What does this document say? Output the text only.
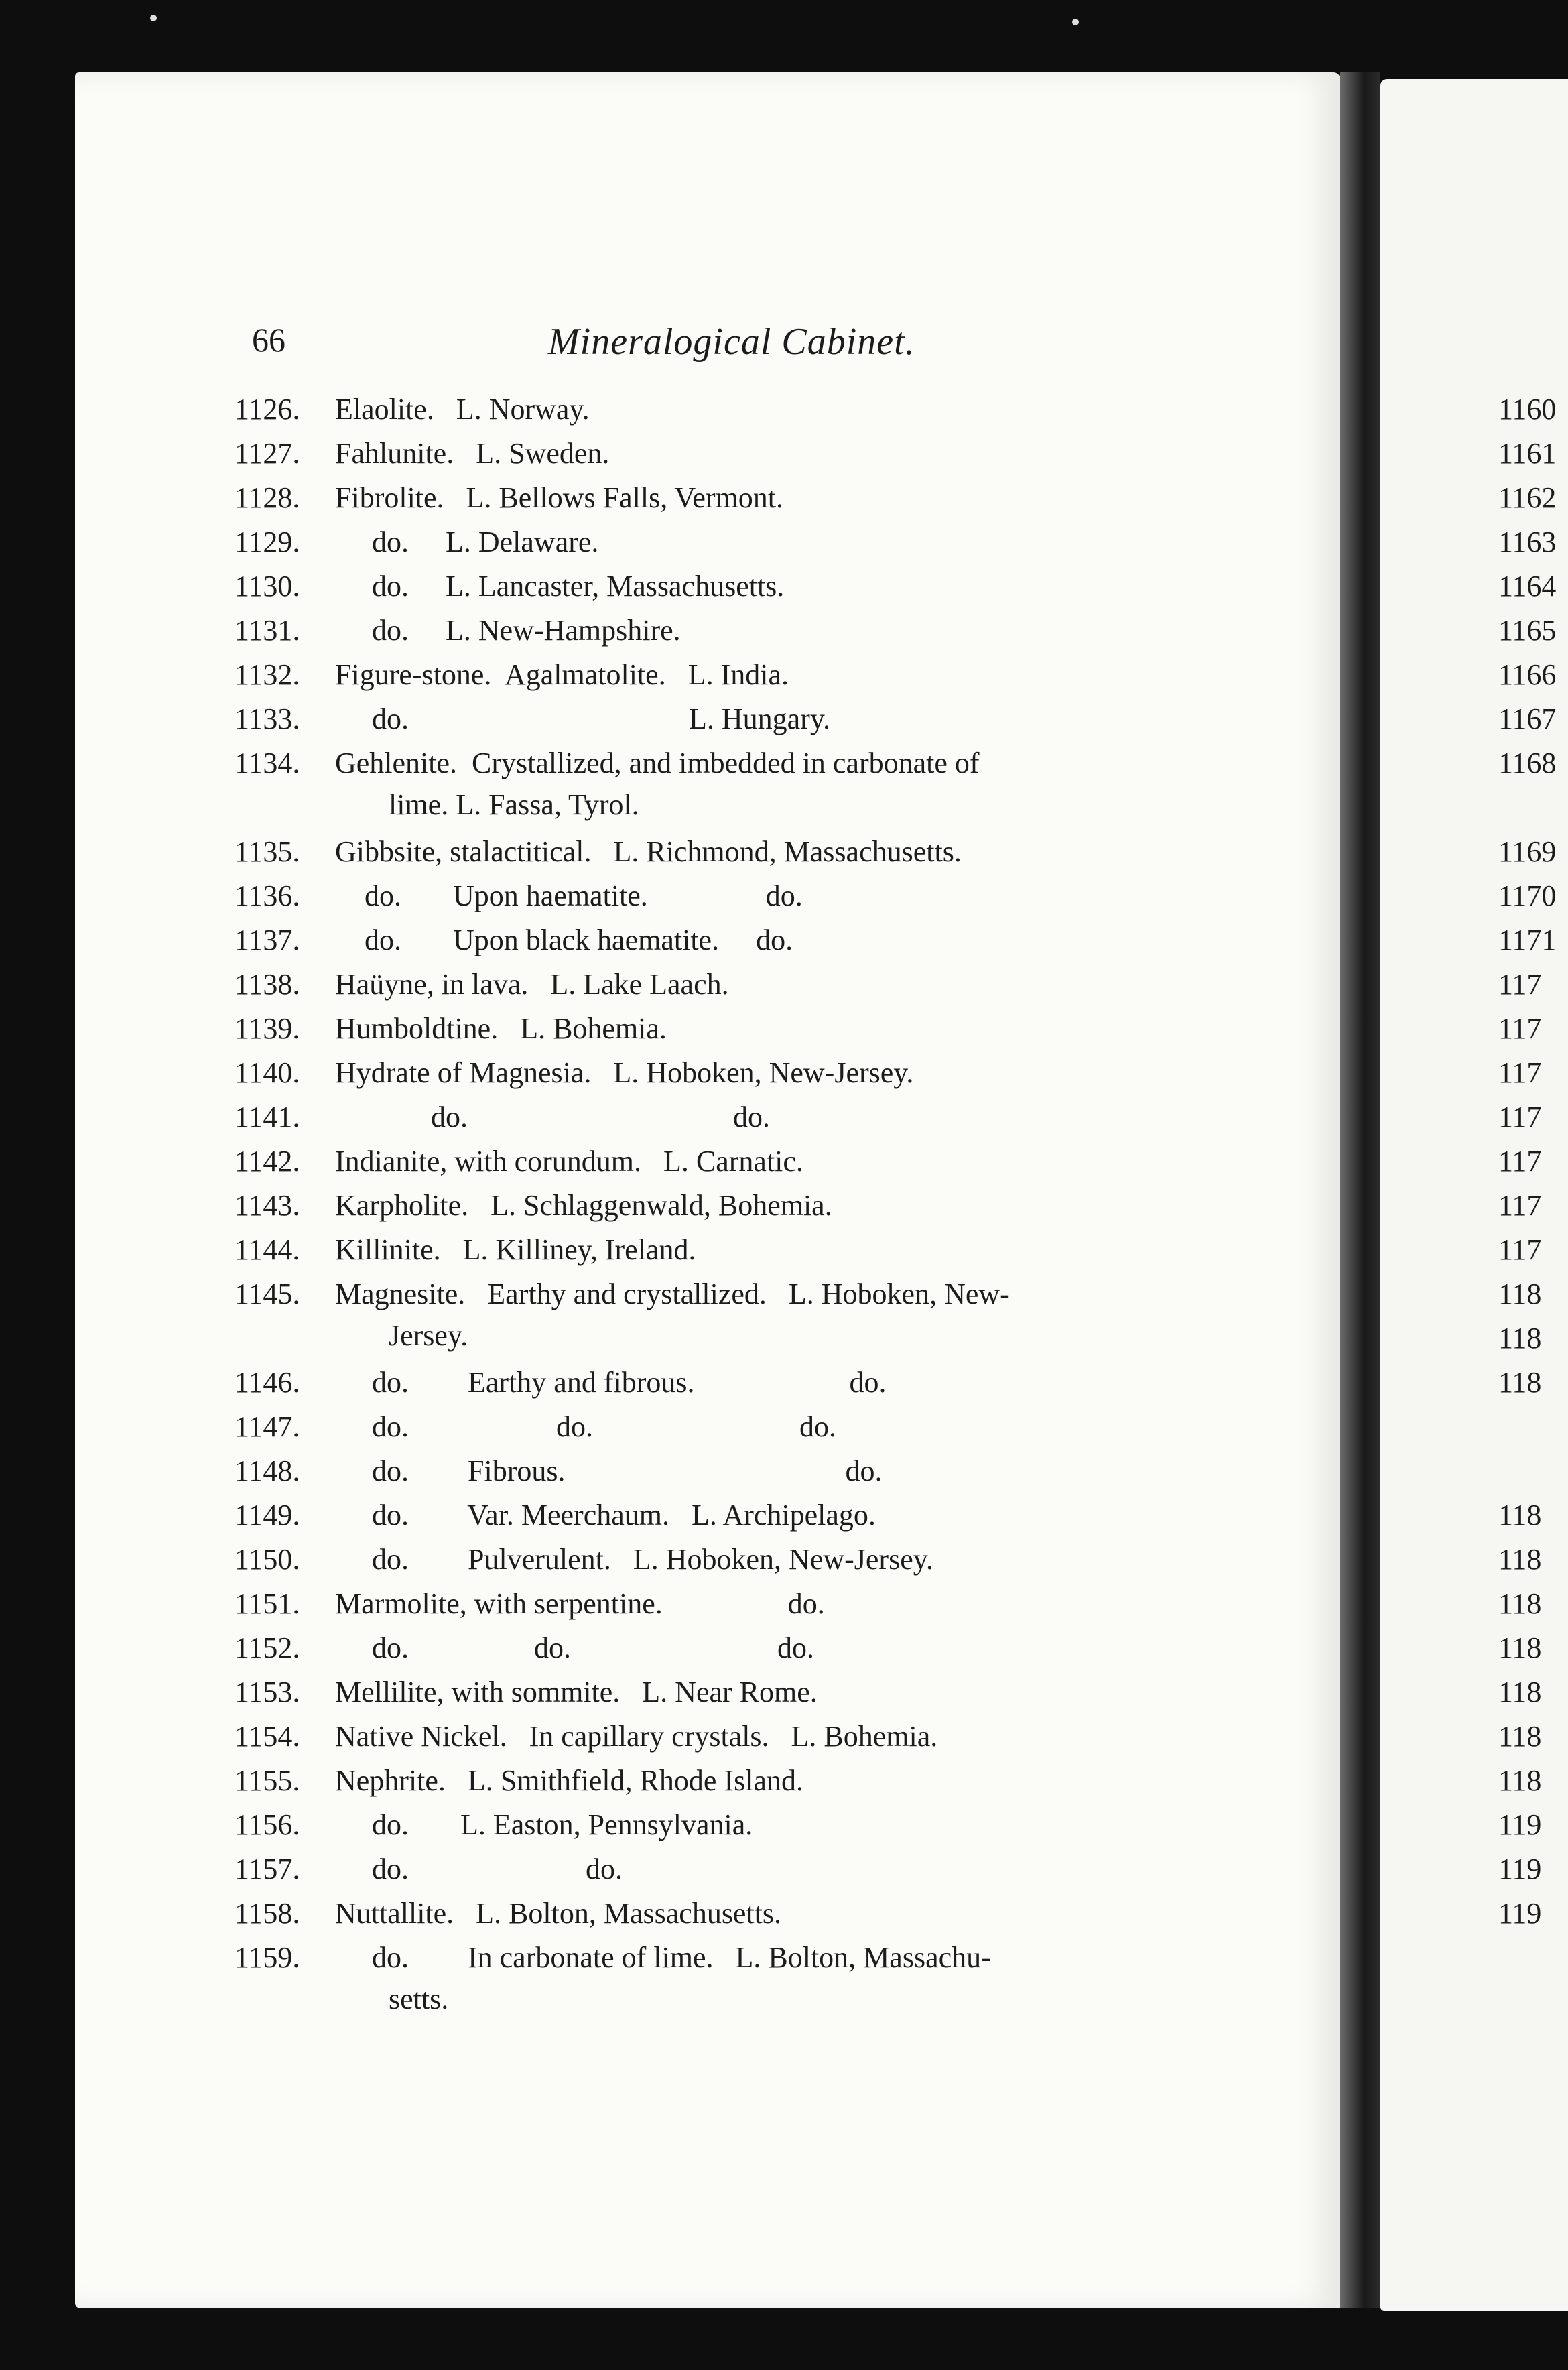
66	Mineralogical Cabinet.
1126. Elaolite.   L. Norway.
1127. Fahlunite.   L. Sweden.
1128. Fibrolite.   L. Bellows Falls, Vermont.
1129.     do.     L. Delaware.
1130.     do.     L. Lancaster, Massachusetts.
1131.     do.     L. New-Hampshire.
1132. Figure-stone.  Agalmatolite.   L. India.
1133.     do.                                      L. Hungary.
1134. Gehlenite.  Crystallized, and imbedded in carbonate of
lime. L. Fassa, Tyrol.
1135. Gibbsite, stalactitical.   L. Richmond, Massachusetts.
1136.    do.       Upon haematite.                do.
1137.    do.       Upon black haematite.     do.
1138. Haüyne, in lava.   L. Lake Laach.
1139. Humboldtine.   L. Bohemia.
1140. Hydrate of Magnesia.   L. Hoboken, New-Jersey.
1141.             do.                                    do.
1142. Indianite, with corundum.   L. Carnatic.
1143. Karpholite.   L. Schlaggenwald, Bohemia.
1144. Killinite.   L. Killiney, Ireland.
1145. Magnesite.   Earthy and crystallized.   L. Hoboken, New-
Jersey.
1146.     do.        Earthy and fibrous.                     do.
1147.     do.                    do.                            do.
1148.     do.        Fibrous.                                      do.
1149.     do.        Var. Meerchaum.   L. Archipelago.
1150.     do.        Pulverulent.   L. Hoboken, New-Jersey.
1151. Marmolite, with serpentine.                 do.
1152.     do.                 do.                            do.
1153. Mellilite, with sommite.   L. Near Rome.
1154. Native Nickel.   In capillary crystals.   L. Bohemia.
1155. Nephrite.   L. Smithfield, Rhode Island.
1156.     do.       L. Easton, Pennsylvania.
1157.     do.                        do.
1158. Nuttallite.   L. Bolton, Massachusetts.
1159.     do.        In carbonate of lime.   L. Bolton, Massachu-
setts.
1160
1161
1162
1163
1164
1165
1166
1167
1168
1169
1170
1171
117
117
117
117
117
117
117
118
118
118
118
118
118
118
118
118
118
119
119
119
